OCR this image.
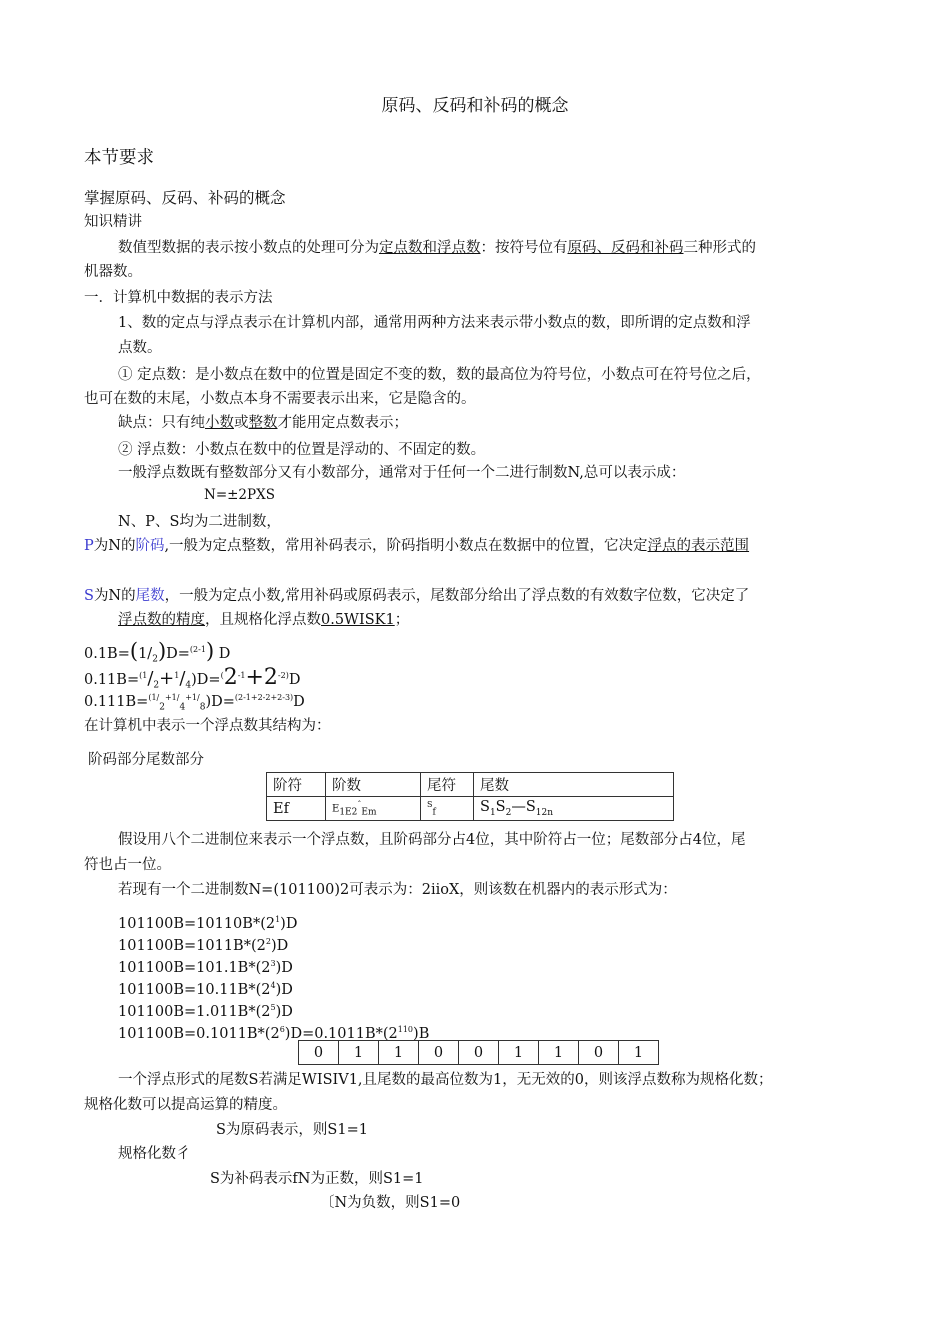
原码、反码和补码的概念
本节要求
掌握原码、反码、补码的概念
知识精讲
数值型数据的表示按小数点的处理可分为定点数和浮点数：按符号位有原码、反码和补码三种形式的
机器数。
一．计算机中数据的表示方法
1、数的定点与浮点表示在计算机内部，通常用两种方法来表示带小数点的数，即所谓的定点数和浮
点数。
① 定点数：是小数点在数中的位置是固定不变的数，数的最高位为符号位，小数点可在符号位之后，
也可在数的末尾，小数点本身不需要表示出来，它是隐含的。
缺点：只有纯小数或整数才能用定点数表示；
② 浮点数：小数点在数中的位置是浮动的、不固定的数。
一般浮点数既有整数部分又有小数部分，通常对于任何一个二进行制数N,总可以表示成：
N=±2PXS
N、P、S均为二进制数，
P为N的阶码,一般为定点整数，常用补码表示，阶码指明小数点在数据中的位置，它决定浮点的表示范围
S为N的尾数，一般为定点小数,常用补码或原码表示，尾数部分给出了浮点数的有效数字位数，它决定了
浮点数的精度，且规格化浮点数0.5WISK1；
$0.1B=(1/_2)D=^{(2-1}$) D
$0.11B=^{(1}/_2+^1/_4)D=^(2^{-1}+2^{-2)}D$
0.111B=$^{(1/}_2^{+1/}_4^{+1/}_8$)D=$^{(2-1+2-2+2-3)}$D
在计算机中表示一个浮点数其结构为：
阶码部分尾数部分
阶符	阶数	尾符	尾数
Ef	$E1E2^ˆEm$	$^S$f	$S_1S_2—S_{12n}$
假设用八个二进制位来表示一个浮点数，且阶码部分占4位，其中阶符占一位；尾数部分占4位，尾
符也占一位。
若现有一个二进制数N=(101100)2可表示为：2iioX，则该数在机器内的表示形式为：
$101100B=10110B*(2^1)D$
$101100B=1011B*(2^2)D$
$101100B=101.1B*(2^3)D$
$101100B=10.11B*(2^4)D$
$101100B=1.011B*(2^5)D$
$101100B=0.1011B*(2^6)D=0.1011B*(2^{110})B$
0	1	1	0	0	1	1	0	1
一个浮点形式的尾数S若满足WISIV1,且尾数的最高位数为1，无无效的0，则该浮点数称为规格化数；
规格化数可以提高运算的精度。
S为原码表示，则S1=1
规格化数彳
S为补码表示fN为正数，则S1=1
〔N为负数，则S1=0
